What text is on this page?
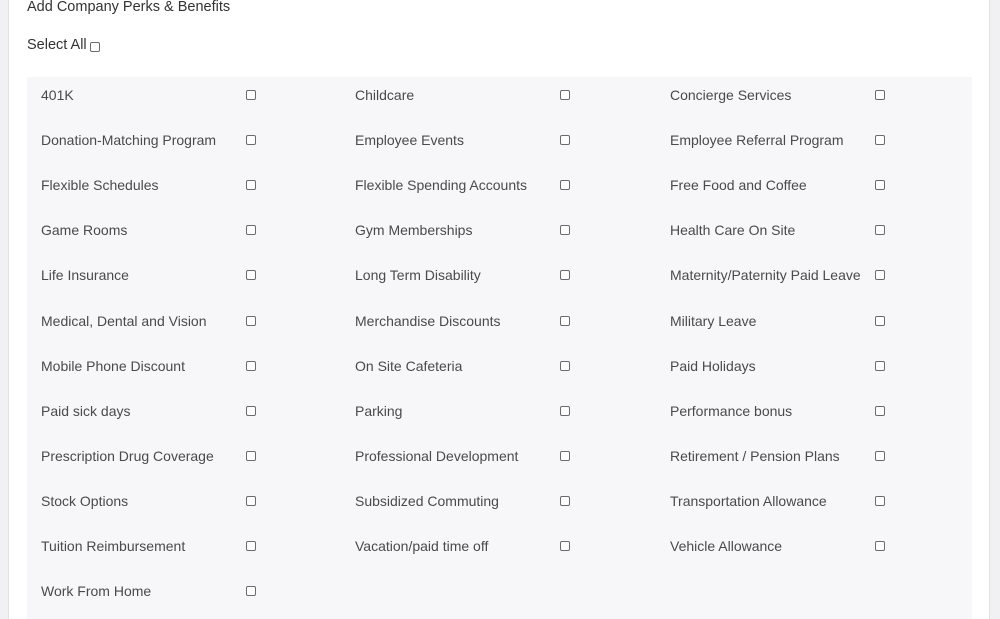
Add Company Perks & Benefits
Select All
401K	Childcare	Concierge Services
Donation-Matching Program	Employee Events	Employee Referral Program
Flexible Schedules	Flexible Spending Accounts	Free Food and Coffee
Game Rooms	Gym Memberships	Health Care On Site
Life Insurance	Long Term Disability	Maternity/Paternity Paid Leave
Medical, Dental and Vision	Merchandise Discounts	Military Leave
Mobile Phone Discount	On Site Cafeteria	Paid Holidays
Paid sick days	Parking	Performance bonus
Prescription Drug Coverage	Professional Development	Retirement / Pension Plans
Stock Options	Subsidized Commuting	Transportation Allowance
Tuition Reimbursement	Vacation/paid time off	Vehicle Allowance
Work From Home
